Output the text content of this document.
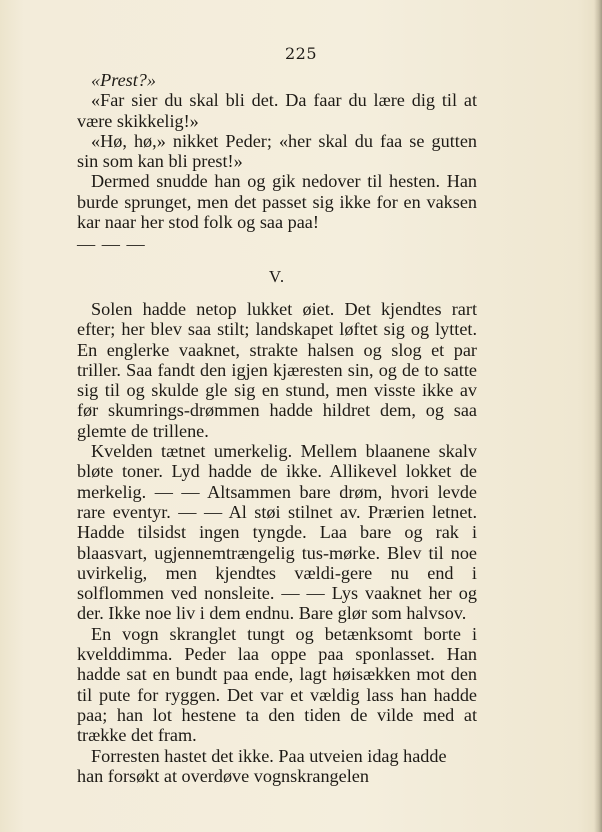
225

«Prest?»

«Far sier du skal bli det. Da faar du lære dig til at være skikkelig!»

«Hø, hø,» nikket Peder; «her skal du faa se gutten sin som kan bli prest!»

Dermed snudde han og gik nedover til hesten. Han burde sprunget, men det passet sig ikke for en vaksen kar naar her stod folk og saa paa!

— — —

V.

Solen hadde netop lukket øiet. Det kjendtes rart efter; her blev saa stilt; landskapet løftet sig og lyttet. En englerke vaaknet, strakte halsen og slog et par triller. Saa fandt den igjen kjæresten sin, og de to satte sig til og skulde gle sig en stund, men visste ikke av før skumrings-drømmen hadde hildret dem, og saa glemte de trillene.

Kvelden tætnet umerkelig. Mellem blaanene skalv bløte toner. Lyd hadde de ikke. Allikevel lokket de merkelig. — — Altsammen bare drøm, hvori levde rare eventyr. — — Al støi stilnet av. Prærien letnet. Hadde tilsidst ingen tyngde. Laa bare og rak i blaasvart, ugjennemtrængelig tus-mørke. Blev til noe uvirkelig, men kjendtes vældi-gere nu end i solflommen ved nonsleite. — — Lys vaaknet her og der. Ikke noe liv i dem endnu. Bare glør som halvsov.

En vogn skranglet tungt og betænksomt borte i kvelddimma. Peder laa oppe paa sponlasset. Han hadde sat en bundt paa ende, lagt høisækken mot den til pute for ryggen. Det var et vældig lass han hadde paa; han lot hestene ta den tiden de vilde med at trække det fram.

Forresten hastet det ikke. Paa utveien idag hadde han forsøkt at overdøve vognskrangelen
